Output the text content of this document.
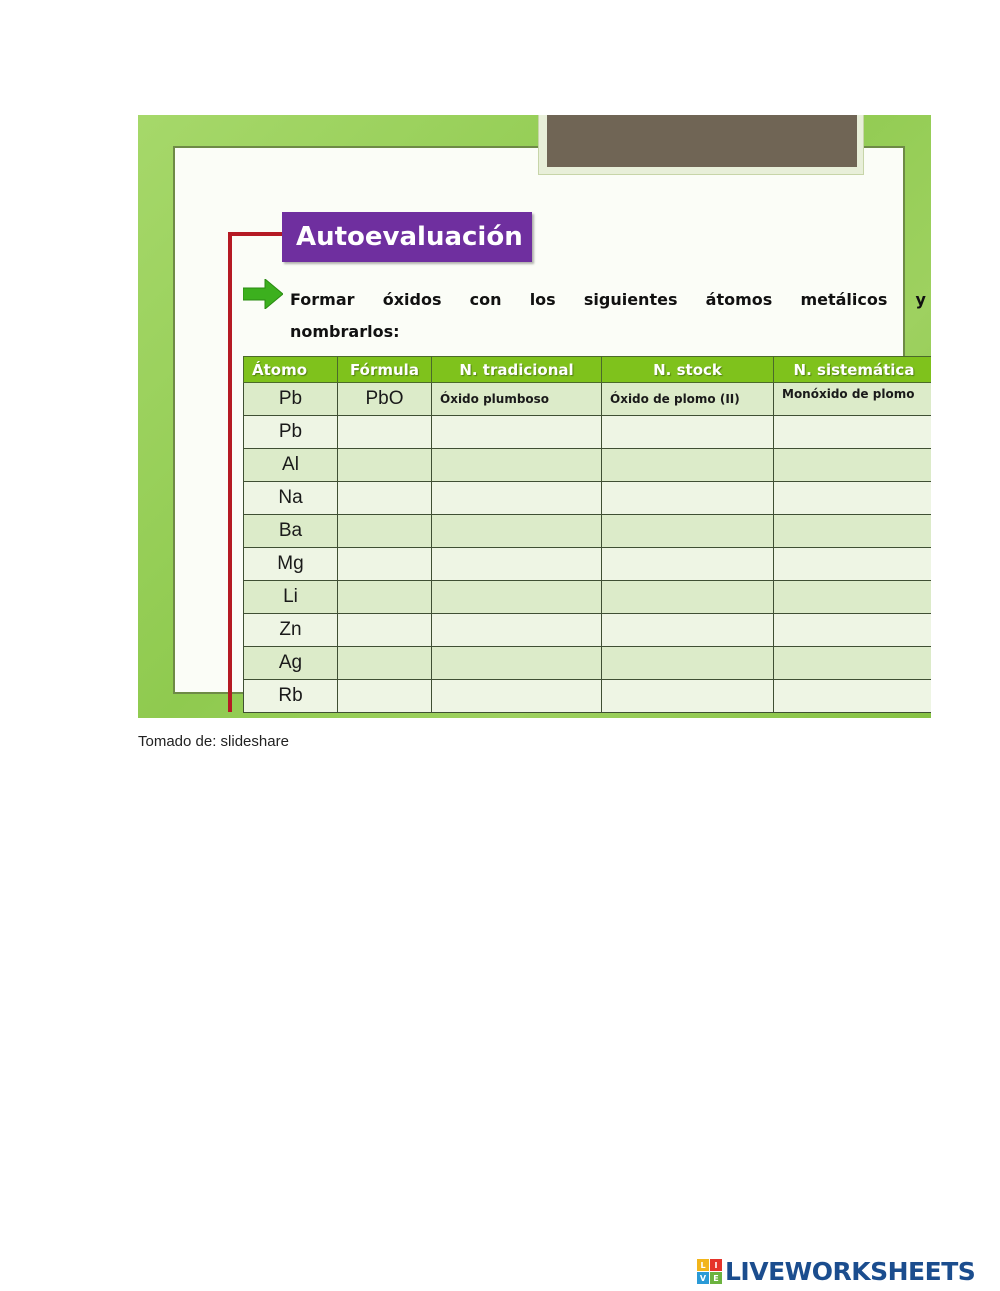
Autoevaluación
Formar óxidos con los siguientes átomos metálicos y
nombrarlos:
Átomo	Fórmula	N. tradicional	N. stock	N. sistemática
Pb	PbO	Óxido plumboso	Óxido de plomo (II)	Monóxido de plomo
Pb				
Al				
Na				
Ba				
Mg				
Li				
Zn				
Ag				
Rb				
Tomado de: slideshare
L	I
V E LIVEWORKSHEETS
